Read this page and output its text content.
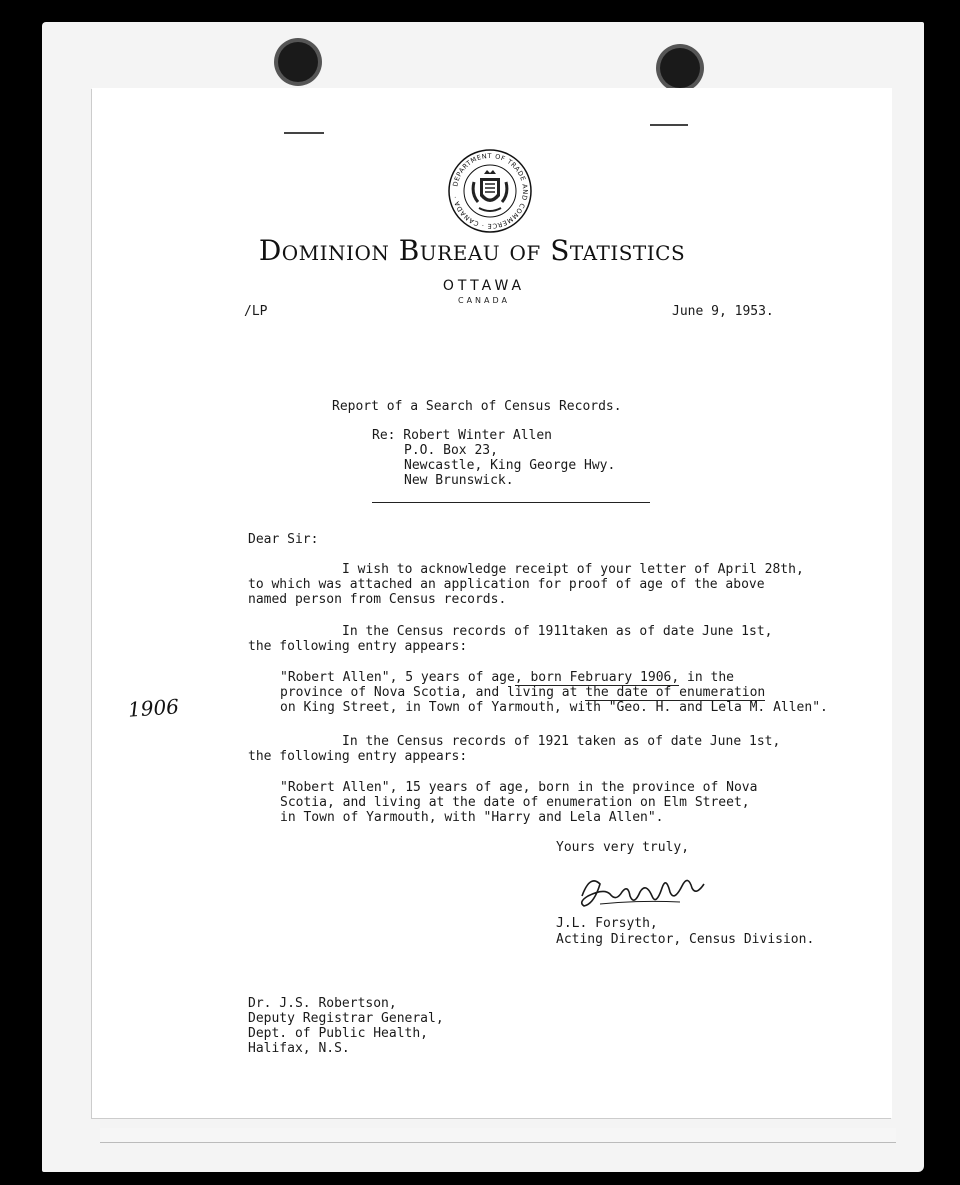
DEPARTMENT OF TRADE AND COMMERCE · CANADA ·
Dominion Bureau of Statistics
OTTAWA
CANADA
/LP	June 9, 1953.
Report of a Search of Census Records.
Re: Robert Winter Allen
P.O. Box 23,
Newcastle, King George Hwy.
New Brunswick.
Dear Sir:
I wish to acknowledge receipt of your letter of April 28th,
to which was attached an application for proof of age of the above
named person from Census records.
In the Census records of 1911taken as of date June 1st,
the following entry appears:
"Robert Allen", 5 years of age, born February 1906, in the
province of Nova Scotia, and living at the date of enumeration
on King Street, in Town of Yarmouth, with "Geo. H. and Lela M. Allen".
In the Census records of 1921 taken as of date June 1st,
the following entry appears:
"Robert Allen", 15 years of age, born in the province of Nova
Scotia, and living at the date of enumeration on Elm Street,
in Town of Yarmouth, with "Harry and Lela Allen".
Yours very truly,
J.L. Forsyth,
Acting Director, Census Division.
Dr. J.S. Robertson,
Deputy Registrar General,
Dept. of Public Health,
Halifax, N.S.
1906
